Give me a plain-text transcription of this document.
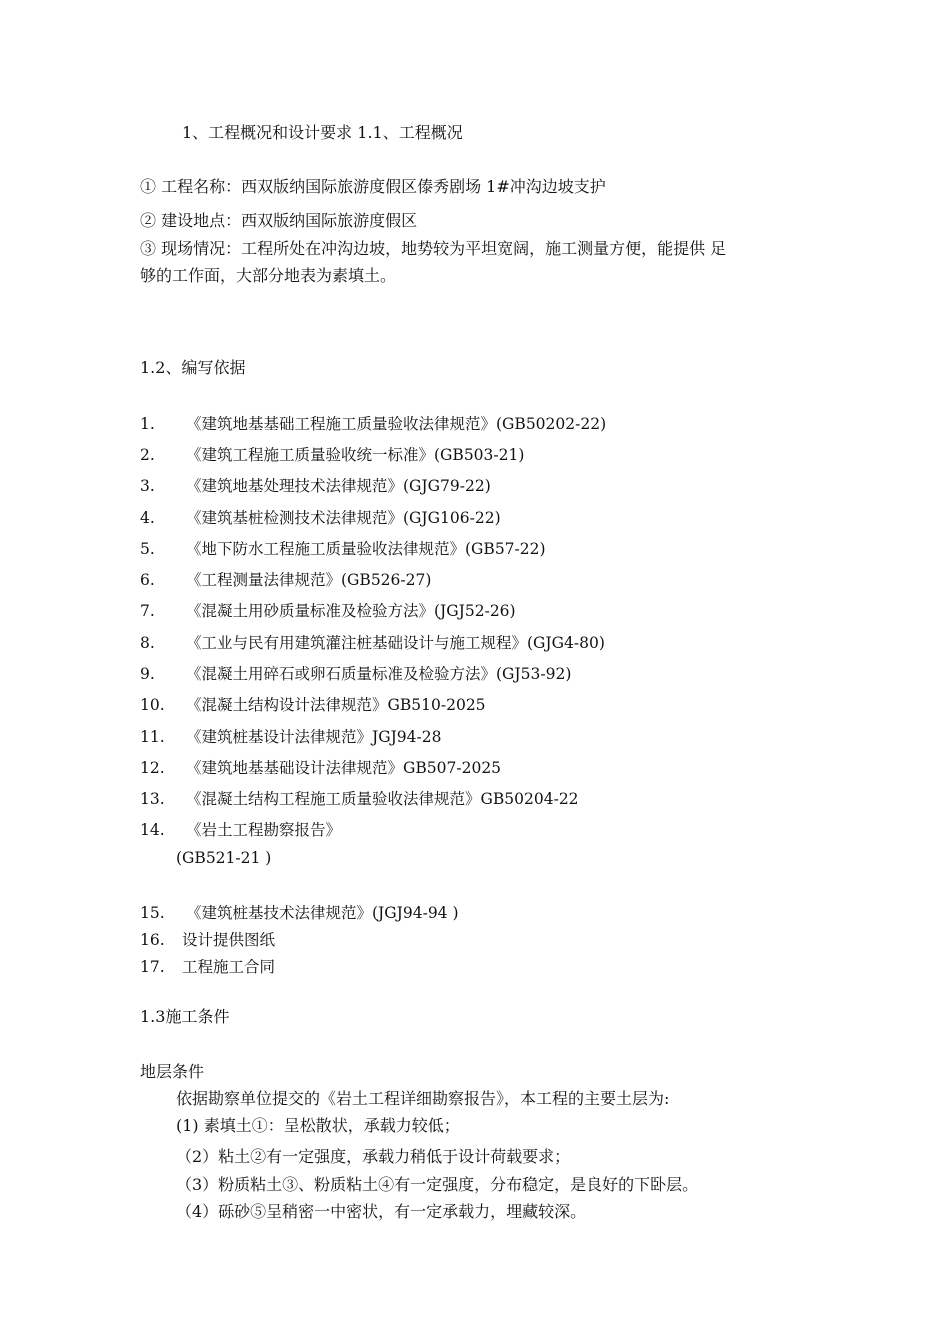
1、工程概况和设计要求 1.1、工程概况
① 工程名称：西双版纳国际旅游度假区傣秀剧场 1#冲沟边坡支护
② 建设地点：西双版纳国际旅游度假区
③ 现场情况：工程所处在冲沟边坡，地势较为平坦宽阔，施工测量方便，能提供 足
够的工作面，大部分地表为素填土。
1.2、编写依据
1. 《建筑地基基础工程施工质量验收法律规范》(GB50202-22)
2. 《建筑工程施工质量验收统一标准》(GB503-21)
3. 《建筑地基处理技术法律规范》(GJG79-22)
4. 《建筑基桩检测技术法律规范》(GJG106-22)
5. 《地下防水工程施工质量验收法律规范》(GB57-22)
6. 《工程测量法律规范》(GB526-27)
7. 《混凝土用砂质量标准及检验方法》(JGJ52-26)
8. 《工业与民有用建筑灌注桩基础设计与施工规程》(GJG4-80)
9. 《混凝土用碎石或卵石质量标准及检验方法》(GJ53-92)
10. 《混凝土结构设计法律规范》GB510-2025
11. 《建筑桩基设计法律规范》JGJ94-28
12. 《建筑地基基础设计法律规范》GB507-2025
13. 《混凝土结构工程施工质量验收法律规范》GB50204-22
14. 《岩土工程勘察报告》
(GB521-21 )
15. 《建筑桩基技术法律规范》(JGJ94-94 )
16. 设计提供图纸
17. 工程施工合同
1.3施工条件
地层条件
依据勘察单位提交的《岩土工程详细勘察报告》，本工程的主要土层为:
(1) 素填土①：呈松散状，承载力较低；
（2）粘土②有一定强度，承载力稍低于设计荷载要求；
（3）粉质粘土③、粉质粘土④有一定强度，分布稳定，是良好的下卧层。
（4）砾砂⑤呈稍密一中密状，有一定承载力，埋藏较深。
